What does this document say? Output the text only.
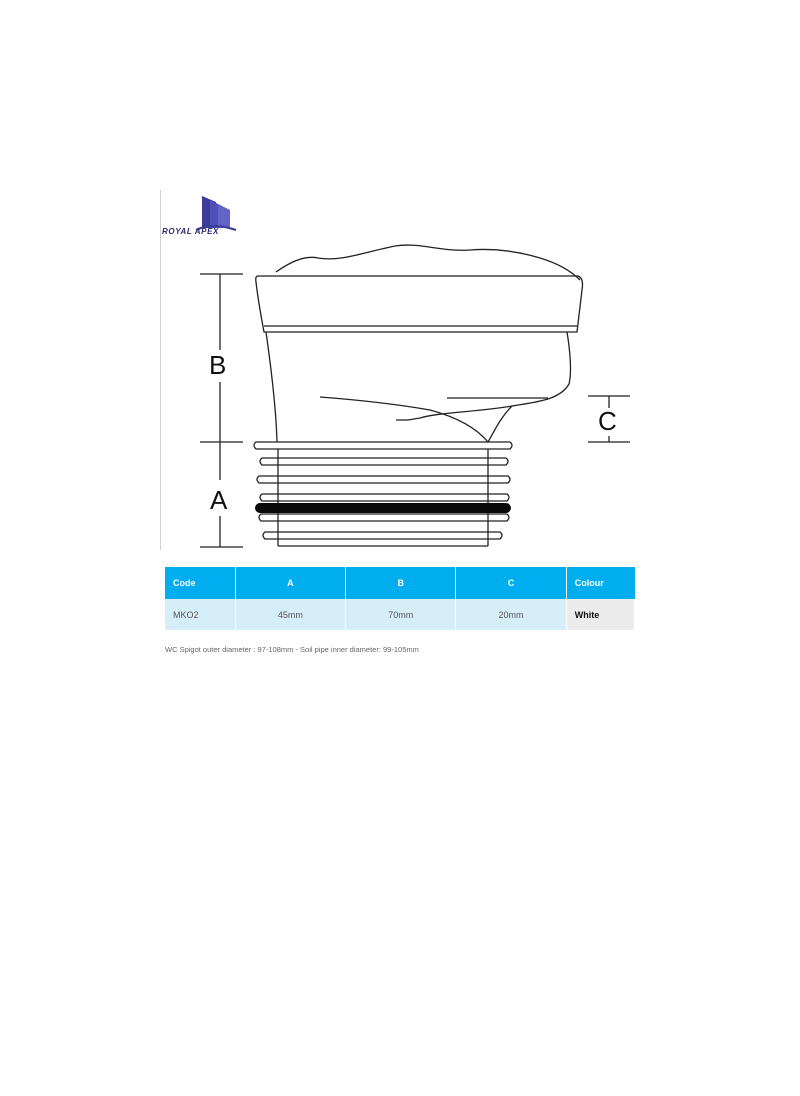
ROYAL APEX
B
A
C
Code	A	B	C	Colour
MKO2	45mm	70mm	20mm	White
WC Spigot outer diameter : 97-108mm - Soil pipe inner diameter: 99-105mm
